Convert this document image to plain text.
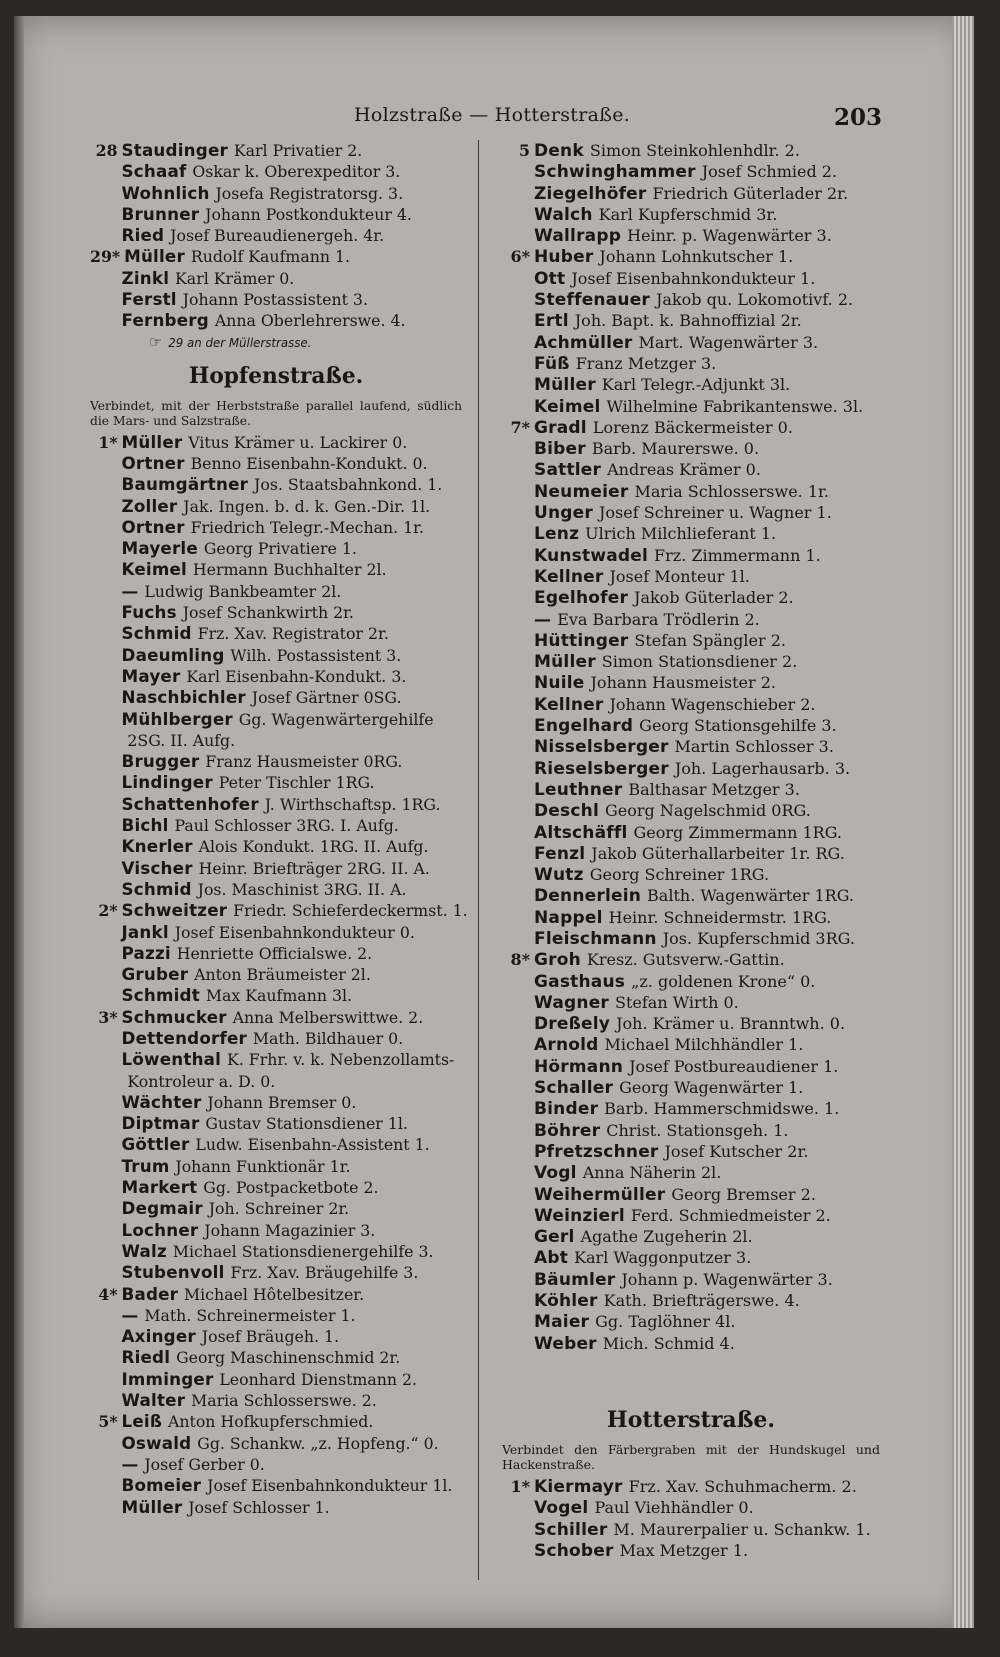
Holzstraße — Hotterstraße.	203
28 Staudinger Karl Privatier 2.
Schaaf Oskar k. Oberexpeditor 3.
Wohnlich Josefa Registratorsg. 3.
Brunner Johann Postkondukteur 4.
Ried Josef Bureaudienergeh. 4r.
29* Müller Rudolf Kaufmann 1.
Zinkl Karl Krämer 0.
Ferstl Johann Postassistent 3.
Fernberg Anna Oberlehrerswe. 4.
☞ 29 an der Müllerstrasse.
Hopfenstraße.
Verbindet, mit der Herbststraße parallel laufend, südlich die Mars- und Salzstraße.
1* Müller Vitus Krämer u. Lackirer 0.
Ortner Benno Eisenbahn-Kondukt. 0.
Baumgärtner Jos. Staatsbahnkond. 1.
Zoller Jak. Ingen. b. d. k. Gen.-Dir. 1l.
Ortner Friedrich Telegr.-Mechan. 1r.
Mayerle Georg Privatiere 1.
Keimel Hermann Buchhalter 2l.
— Ludwig Bankbeamter 2l.
Fuchs Josef Schankwirth 2r.
Schmid Frz. Xav. Registrator 2r.
Daeumling Wilh. Postassistent 3.
Mayer Karl Eisenbahn-Kondukt. 3.
Naschbichler Josef Gärtner 0SG.
Mühlberger Gg. Wagenwärtergehilfe
2SG. II. Aufg.
Brugger Franz Hausmeister 0RG.
Lindinger Peter Tischler 1RG.
Schattenhofer J. Wirthschaftsp. 1RG.
Bichl Paul Schlosser 3RG. I. Aufg.
Knerler Alois Kondukt. 1RG. II. Aufg.
Vischer Heinr. Briefträger 2RG. II. A.
Schmid Jos. Maschinist 3RG. II. A.
2* Schweitzer Friedr. Schieferdeckermst. 1.
Jankl Josef Eisenbahnkondukteur 0.
Pazzi Henriette Officialswe. 2.
Gruber Anton Bräumeister 2l.
Schmidt Max Kaufmann 3l.
3* Schmucker Anna Melberswittwe. 2.
Dettendorfer Math. Bildhauer 0.
Löwenthal K. Frhr. v. k. Nebenzollamts-
Kontroleur a. D. 0.
Wächter Johann Bremser 0.
Diptmar Gustav Stationsdiener 1l.
Göttler Ludw. Eisenbahn-Assistent 1.
Trum Johann Funktionär 1r.
Markert Gg. Postpacketbote 2.
Degmair Joh. Schreiner 2r.
Lochner Johann Magazinier 3.
Walz Michael Stationsdienergehilfe 3.
Stubenvoll Frz. Xav. Bräugehilfe 3.
4* Bader Michael Hôtelbesitzer.
— Math. Schreinermeister 1.
Axinger Josef Bräugeh. 1.
Riedl Georg Maschinenschmid 2r.
Imminger Leonhard Dienstmann 2.
Walter Maria Schlosserswe. 2.
5* Leiß Anton Hofkupferschmied.
Oswald Gg. Schankw. „z. Hopfeng.“ 0.
— Josef Gerber 0.
Bomeier Josef Eisenbahnkondukteur 1l.
Müller Josef Schlosser 1.
5 Denk Simon Steinkohlenhdlr. 2.
Schwinghammer Josef Schmied 2.
Ziegelhöfer Friedrich Güterlader 2r.
Walch Karl Kupferschmid 3r.
Wallrapp Heinr. p. Wagenwärter 3.
6* Huber Johann Lohnkutscher 1.
Ott Josef Eisenbahnkondukteur 1.
Steffenauer Jakob qu. Lokomotivf. 2.
Ertl Joh. Bapt. k. Bahnoffizial 2r.
Achmüller Mart. Wagenwärter 3.
Füß Franz Metzger 3.
Müller Karl Telegr.-Adjunkt 3l.
Keimel Wilhelmine Fabrikantenswe. 3l.
7* Gradl Lorenz Bäckermeister 0.
Biber Barb. Maurerswe. 0.
Sattler Andreas Krämer 0.
Neumeier Maria Schlosserswe. 1r.
Unger Josef Schreiner u. Wagner 1.
Lenz Ulrich Milchlieferant 1.
Kunstwadel Frz. Zimmermann 1.
Kellner Josef Monteur 1l.
Egelhofer Jakob Güterlader 2.
— Eva Barbara Trödlerin 2.
Hüttinger Stefan Spängler 2.
Müller Simon Stationsdiener 2.
Nuile Johann Hausmeister 2.
Kellner Johann Wagenschieber 2.
Engelhard Georg Stationsgehilfe 3.
Nisselsberger Martin Schlosser 3.
Rieselsberger Joh. Lagerhausarb. 3.
Leuthner Balthasar Metzger 3.
Deschl Georg Nagelschmid 0RG.
Altschäffl Georg Zimmermann 1RG.
Fenzl Jakob Güterhallarbeiter 1r. RG.
Wutz Georg Schreiner 1RG.
Dennerlein Balth. Wagenwärter 1RG.
Nappel Heinr. Schneidermstr. 1RG.
Fleischmann Jos. Kupferschmid 3RG.
8* Groh Kresz. Gutsverw.-Gattin.
Gasthaus „z. goldenen Krone“ 0.
Wagner Stefan Wirth 0.
Dreßely Joh. Krämer u. Branntwh. 0.
Arnold Michael Milchhändler 1.
Hörmann Josef Postbureaudiener 1.
Schaller Georg Wagenwärter 1.
Binder Barb. Hammerschmidswe. 1.
Böhrer Christ. Stationsgeh. 1.
Pfretzschner Josef Kutscher 2r.
Vogl Anna Näherin 2l.
Weihermüller Georg Bremser 2.
Weinzierl Ferd. Schmiedmeister 2.
Gerl Agathe Zugeherin 2l.
Abt Karl Waggonputzer 3.
Bäumler Johann p. Wagenwärter 3.
Köhler Kath. Briefträgerswe. 4.
Maier Gg. Taglöhner 4l.
Weber Mich. Schmid 4.
Hotterstraße.
Verbindet den Färbergraben mit der Hundskugel und Hackenstraße.
1* Kiermayr Frz. Xav. Schuhmacherm. 2.
Vogel Paul Viehhändler 0.
Schiller M. Maurerpalier u. Schankw. 1.
Schober Max Metzger 1.
